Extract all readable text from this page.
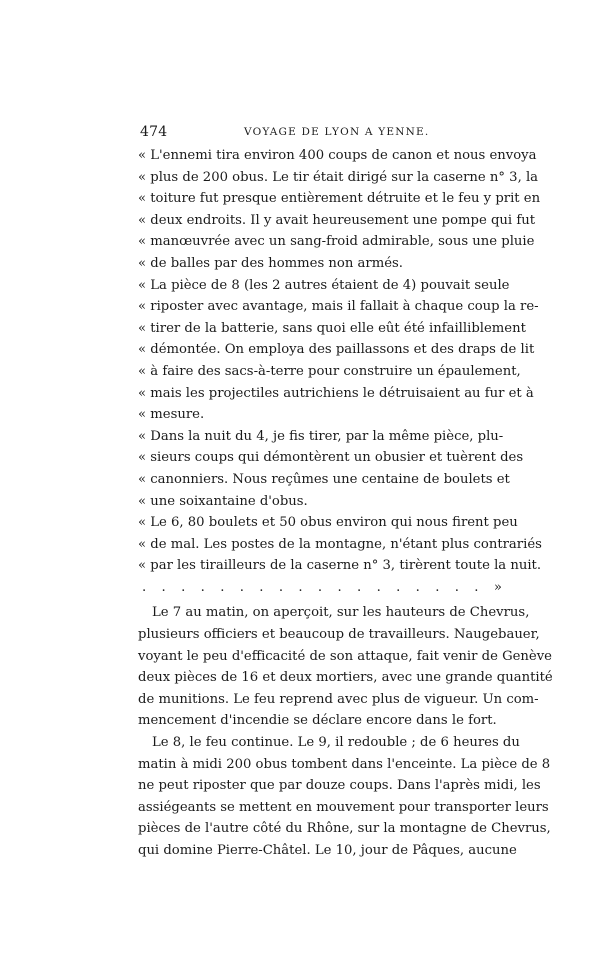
474	VOYAGE DE LYON A YENNE.
« L'ennemi tira environ 400 coups de canon et nous envoya
« plus de 200 obus. Le tir était dirigé sur la caserne n° 3, la
« toiture fut presque entièrement détruite et le feu y prit en
« deux endroits. Il y avait heureusement une pompe qui fut
« manœuvrée avec un sang-froid admirable, sous une pluie
« de balles par des hommes non armés.
« La pièce de 8 (les 2 autres étaient de 4) pouvait seule
« riposter avec avantage, mais il fallait à chaque coup la re-
« tirer de la batterie, sans quoi elle eût été infailliblement
« démontée. On employa des paillassons et des draps de lit
« à faire des sacs-à-terre pour construire un épaulement,
« mais les projectiles autrichiens le détruisaient au fur et à
« mesure.
« Dans la nuit du 4, je fis tirer, par la même pièce, plu-
« sieurs coups qui démontèrent un obusier et tuèrent des
« canonniers. Nous reçûmes une centaine de boulets et
« une soixantaine d'obus.
« Le 6, 80 boulets et 50 obus environ qui nous firent peu
« de mal. Les postes de la montagne, n'étant plus contrariés
« par les tirailleurs de la caserne n° 3, tirèrent toute la nuit.
. . . . . . . . . . . . . . . . . . »
Le 7 au matin, on aperçoit, sur les hauteurs de Chevrus,
plusieurs officiers et beaucoup de travailleurs. Naugebauer,
voyant le peu d'efficacité de son attaque, fait venir de Genève
deux pièces de 16 et deux mortiers, avec une grande quantité
de munitions. Le feu reprend avec plus de vigueur. Un com-
mencement d'incendie se déclare encore dans le fort.
Le 8, le feu continue. Le 9, il redouble ; de 6 heures du
matin à midi 200 obus tombent dans l'enceinte. La pièce de 8
ne peut riposter que par douze coups. Dans l'après midi, les
assiégeants se mettent en mouvement pour transporter leurs
pièces de l'autre côté du Rhône, sur la montagne de Chevrus,
qui domine Pierre-Châtel. Le 10, jour de Pâques, aucune
